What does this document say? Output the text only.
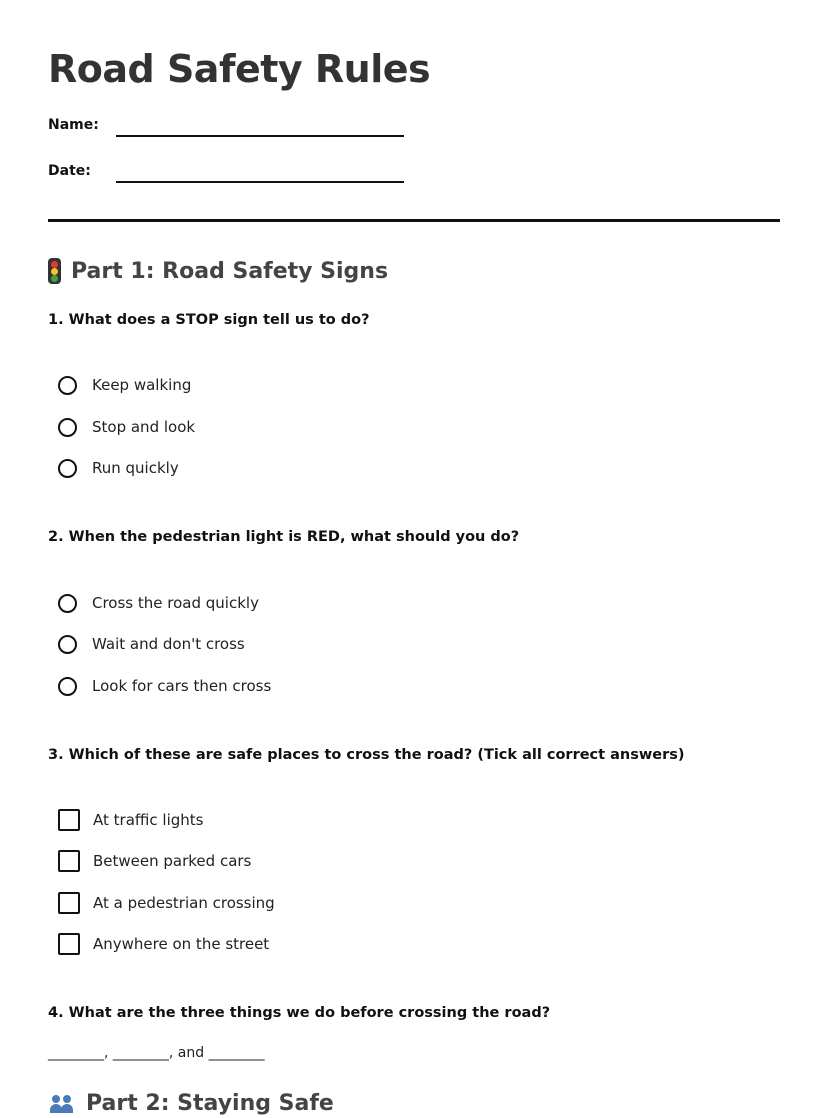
Road Safety Rules
Name:
Date:
Part 1: Road Safety Signs
1. What does a STOP sign tell us to do?
Keep walking
Stop and look
Run quickly
2. When the pedestrian light is RED, what should you do?
Cross the road quickly
Wait and don't cross
Look for cars then cross
3. Which of these are safe places to cross the road? (Tick all correct answers)
At traffic lights
Between parked cars
At a pedestrian crossing
Anywhere on the street
4. What are the three things we do before crossing the road?
________, ________, and ________
Part 2: Staying Safe
